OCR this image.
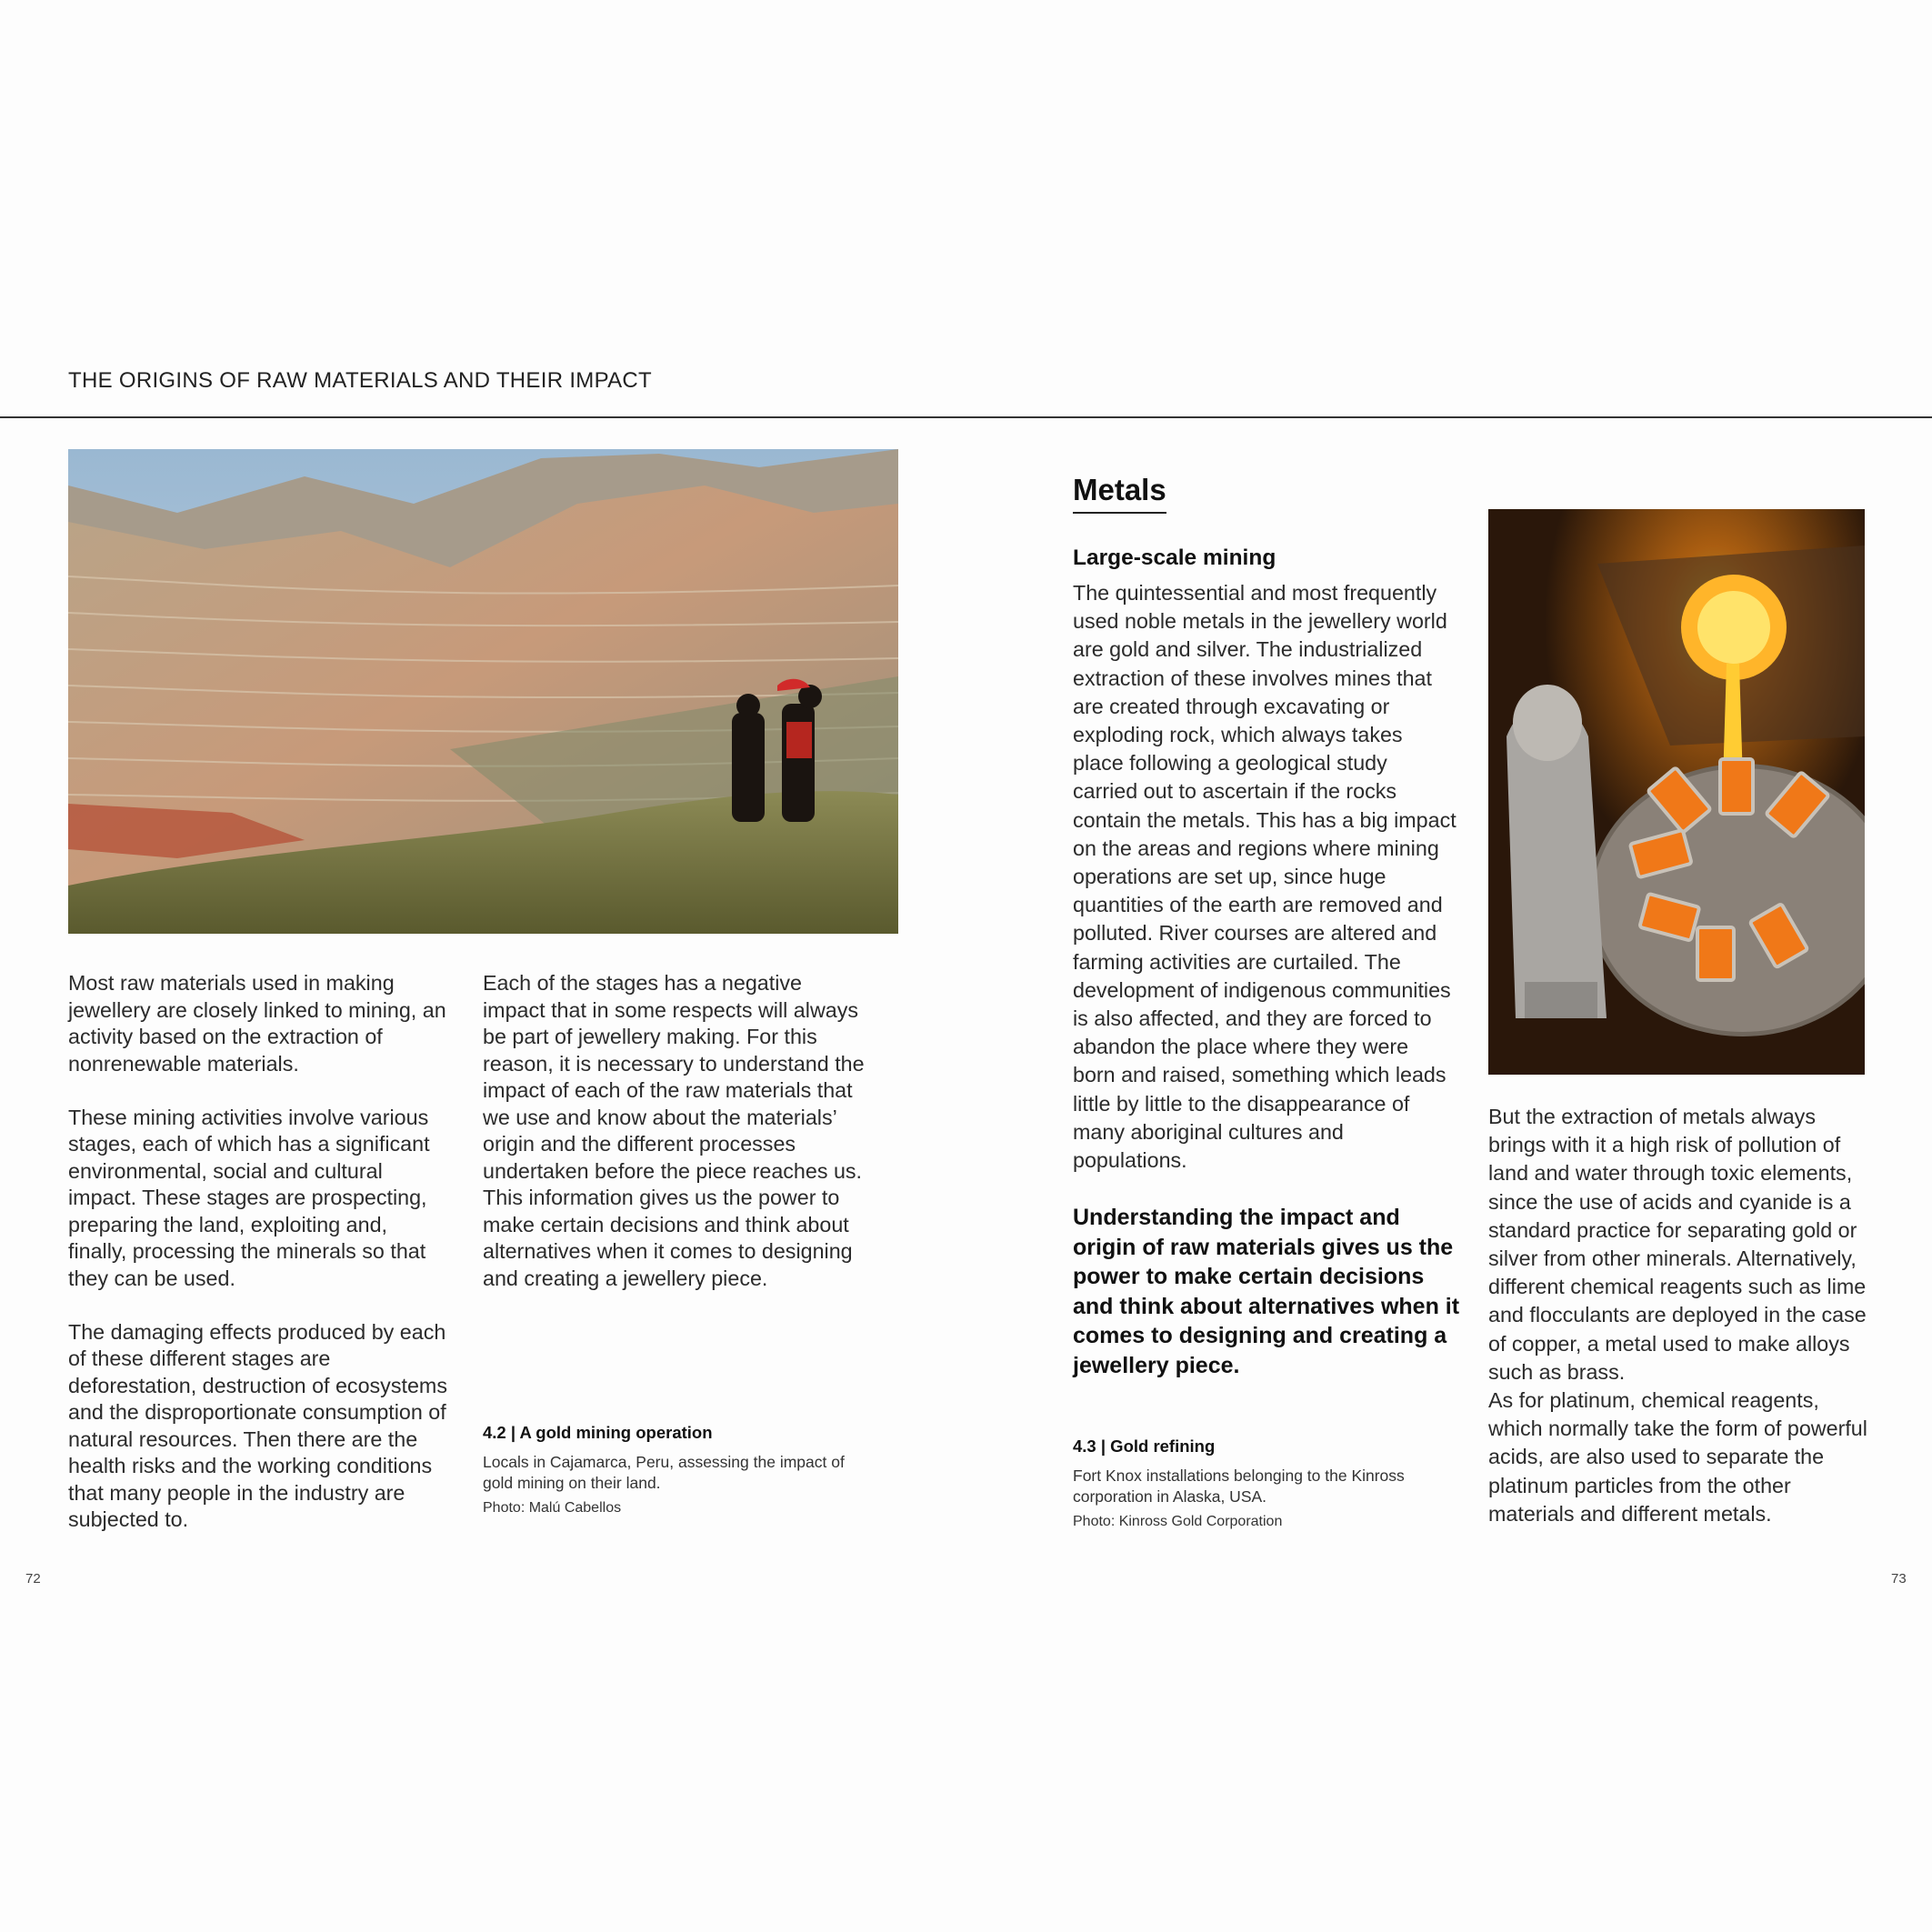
THE ORIGINS OF RAW MATERIALS AND THEIR IMPACT

Most raw materials used in making jewellery are closely linked to mining, an activity based on the extraction of nonrenewable materials.

These mining activities involve various stages, each of which has a significant environmental, social and cultural impact. These stages are prospecting, preparing the land, exploiting and, finally, processing the minerals so that they can be used.

The damaging effects produced by each of these different stages are deforestation, destruction of ecosystems and the disproportionate consumption of natural resources. Then there are the health risks and the working conditions that many people in the industry are subjected to.

Each of the stages has a negative impact that in some respects will always be part of jewellery making. For this reason, it is necessary to understand the impact of each of the raw materials that we use and know about the materials’ origin and the different processes undertaken before the piece reaches us. This information gives us the power to make certain decisions and think about alternatives when it comes to designing and creating a jewellery piece.

4.2 | A gold mining operation
Locals in Cajamarca, Peru, assessing the impact of gold mining on their land.
Photo: Malú Cabellos
72
Metals
Large-scale mining

The quintessential and most frequently used noble metals in the jewellery world are gold and silver. The industrialized extraction of these involves mines that are created through excavating or exploding rock, which always takes place following a geological study carried out to ascertain if the rocks contain the metals. This has a big impact on the areas and regions where mining operations are set up, since huge quantities of the earth are removed and polluted. River courses are altered and farming activities are curtailed. The development of indigenous communities is also affected, and they are forced to abandon the place where they were born and raised, something which leads little by little to the disappearance of many aboriginal cultures and populations.

Understanding the impact and origin of raw materials gives us the power to make certain decisions and think about alternatives when it comes to designing and creating a jewellery piece.
4.3 | Gold refining
Fort Knox installations belonging to the Kinross corporation in Alaska, USA.
Photo: Kinross Gold Corporation

But the extraction of metals always brings with it a high risk of pollution of land and water through toxic elements, since the use of acids and cyanide is a standard practice for separating gold or silver from other minerals. Alternatively, different chemical reagents such as lime and flocculants are deployed in the case of copper, a metal used to make alloys such as brass.

As for platinum, chemical reagents, which normally take the form of powerful acids, are also used to separate the platinum particles from the other materials and different metals.

73
